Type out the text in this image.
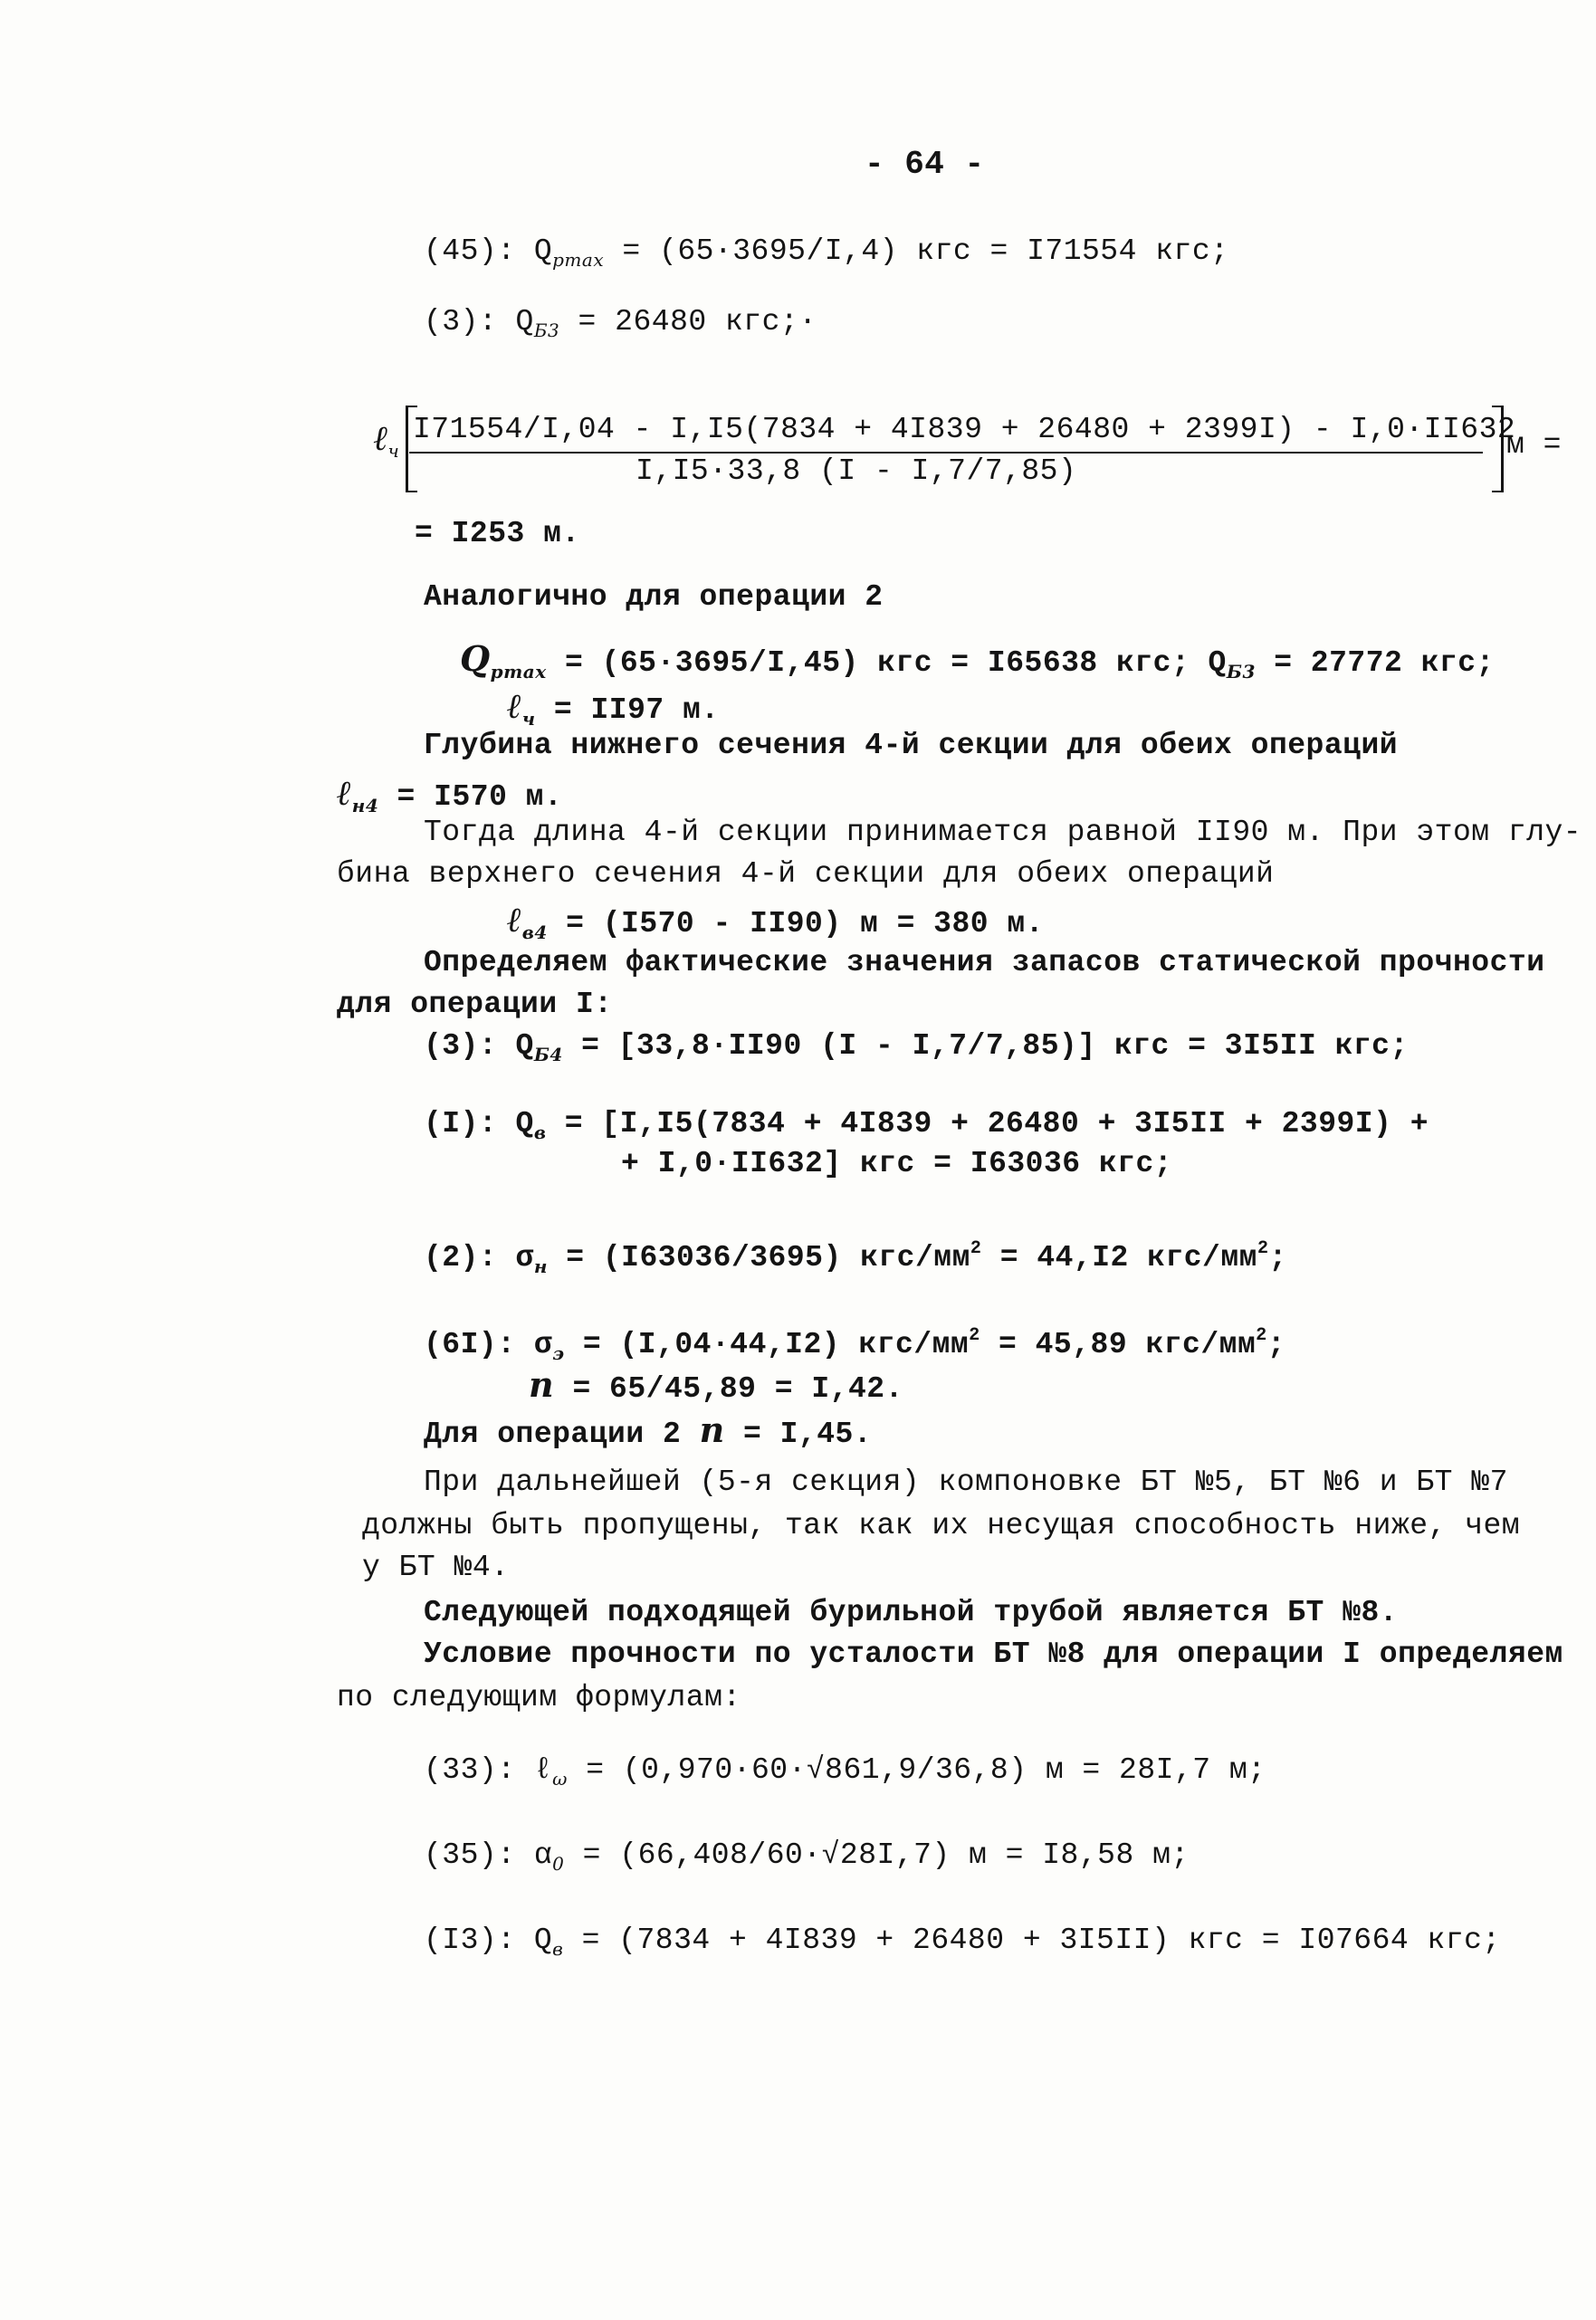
- 64 -
(45): $Q_{pmax} = (65\cdot 3695/I,4)$ кгс = I71554 кгс;
(3): $Q_{Б3} = 26480$ кгс;·
ℓ$_ч$
I71554/I,04 - I,I5(7834 + 4I839 + 26480 + 2399I) - I,0·II632
I,I5·33,8 (I - I,7/7,85)
м =
= I253 м.
Аналогично для операции 2
$Q_{pmax} = (65\cdot 3695/I,45)$ кгс = I65638 кгс; $Q_{Б3} = 27772$ кгс;
ℓ$_ч$ = II97 м.
Глубина нижнего сечения 4-й секции для обеих операций
ℓ$_{н4}$ = I570 м.
Тогда длина 4-й секции принимается равной II90 м. При этом глу-
бина верхнего сечения 4-й секции для обеих операций
ℓ$_{в4}$ = (I570 - II90) м = 380 м.
Определяем фактические значения запасов статической прочности
для операции I:
(3): $Q_{Б4} = [33,8\cdot II90$ (I - I,7/7,85)] кгс = 3I5II кгс;
(I): $Q_в = [I,I5(7834 + 4I839 + 26480 + 3I5II + 2399I)$ +
+ I,0·II632] кгс = I63036 кгс;
(2): $\sigma_н = (I63036/3695) кгс/мм^2 = 44,I2$ кгс/$мм^2$;
(6I): $\sigma_э = (I,04\cdot 44,I2) кгс/мм^2 = 45,89$ кгс/$мм^2$;
n = 65/45,89 = I,42.
Для операции 2 n = I,45.
При дальнейшей (5-я секция) компоновке БТ №5, БТ №6 и БТ №7
должны быть пропущены, так как их несущая способность ниже, чем
у БТ №4.
Следующей подходящей бурильной трубой является БТ №8.
Условие прочности по усталости БТ №8 для операции I определяем
по следующим формулам:
(33): ℓ$_\omega$ = (0,970·60·√861,9/36,8) м = 28I,7 м;
(35): $\alpha_0 = (66,408/60\cdot√28I,7) м = I8,58$ м;
(I3): $Q_в = (7834 + 4I839 + 26480 + 3I5II)$ кгс = I07664 кгс;
